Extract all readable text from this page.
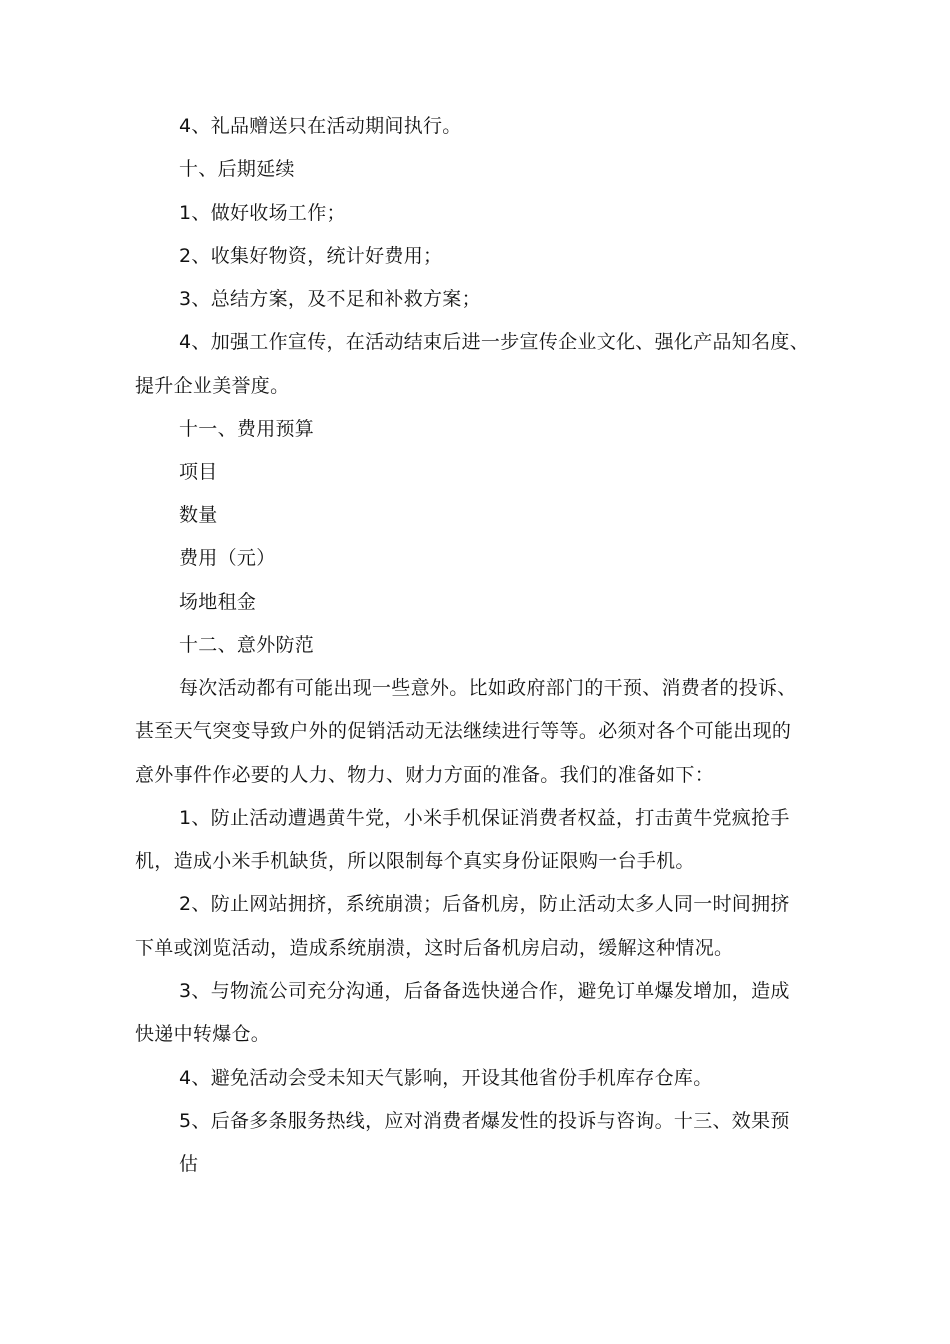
4、礼品赠送只在活动期间执行。

十、后期延续

1、做好收场工作；

2、收集好物资，统计好费用；

3、总结方案，及不足和补救方案；

4、加强工作宣传，在活动结束后进一步宣传企业文化、强化产品知名度、

提升企业美誉度。

十一、费用预算

项目

数量

费用（元）

场地租金

十二、意外防范

每次活动都有可能出现一些意外。比如政府部门的干预、消费者的投诉、

甚至天气突变导致户外的促销活动无法继续进行等等。必须对各个可能出现的

意外事件作必要的人力、物力、财力方面的准备。我们的准备如下：

1、防止活动遭遇黄牛党，小米手机保证消费者权益，打击黄牛党疯抢手

机，造成小米手机缺货，所以限制每个真实身份证限购一台手机。

2、防止网站拥挤，系统崩溃；后备机房，防止活动太多人同一时间拥挤

下单或浏览活动，造成系统崩溃，这时后备机房启动，缓解这种情况。

3、与物流公司充分沟通，后备备选快递合作，避免订单爆发增加，造成

快递中转爆仓。

4、避免活动会受未知天气影响，开设其他省份手机库存仓库。

5、后备多条服务热线，应对消费者爆发性的投诉与咨询。十三、效果预

估
